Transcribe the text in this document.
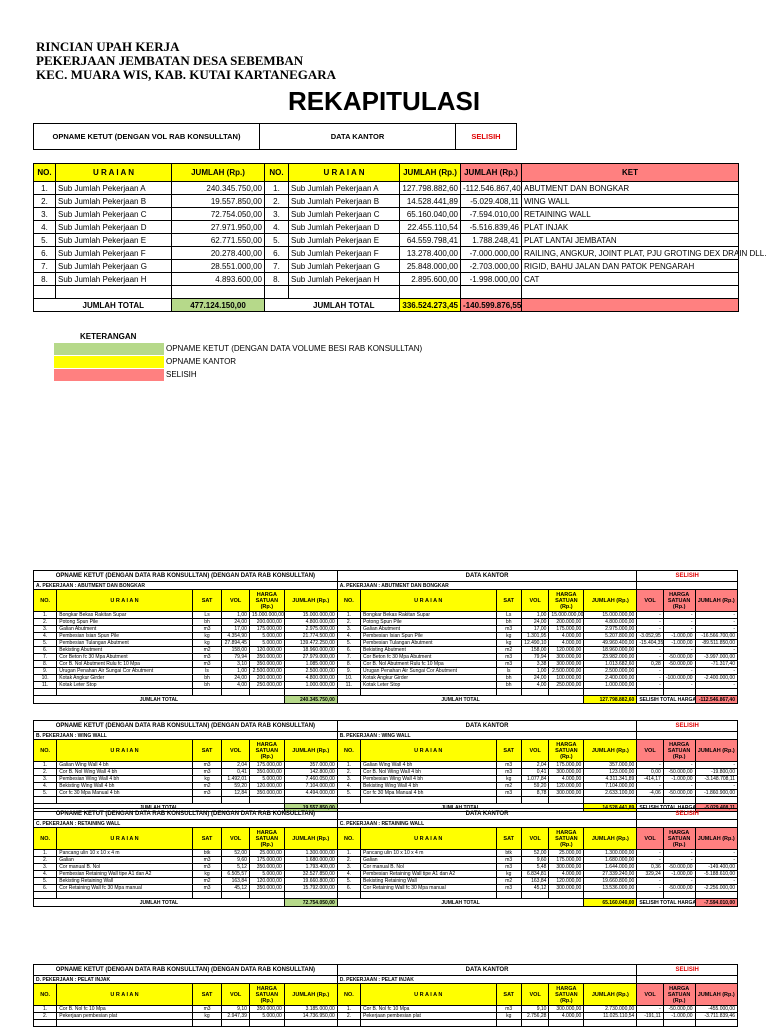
RINCIAN UPAH KERJA
PEKERJAAN JEMBATAN DESA SEBEMBAN
KEC. MUARA WIS, KAB. KUTAI KARTANEGARA
REKAPITULASI
OPNAME KETUT (DENGAN VOL RAB KONSULLTAN)	DATA KANTOR	SELISIH	
NO.	U R A I A N	JUMLAH (Rp.)	NO.	U R A I A N	JUMLAH (Rp.)	JUMLAH (Rp.)	KET
1.	Sub Jumlah Pekerjaan A	240.345.750,00	1.	Sub Jumlah Pekerjaan A	127.798.882,60	-112.546.867,40	ABUTMENT DAN BONGKAR
2.	Sub Jumlah Pekerjaan B	19.557.850,00	2.	Sub Jumlah Pekerjaan B	14.528.441,89	-5.029.408,11	WING WALL
3.	Sub Jumlah Pekerjaan C	72.754.050,00	3.	Sub Jumlah Pekerjaan C	65.160.040,00	-7.594.010,00	RETAINING WALL
4.	Sub Jumlah Pekerjaan D	27.971.950,00	4.	Sub Jumlah Pekerjaan D	22.455.110,54	-5.516.839,46	PLAT INJAK
5.	Sub Jumlah Pekerjaan E	62.771.550,00	5.	Sub Jumlah Pekerjaan E	64.559.798,41	1.788.248,41	PLAT LANTAI JEMBATAN
6.	Sub Jumlah Pekerjaan F	20.278.400,00	6.	Sub Jumlah Pekerjaan F	13.278.400,00	-7.000.000,00	RAILING, ANGKUR, JOINT PLAT, PJU GROTING DEX DRAIN DLL.
7.	Sub Jumlah Pekerjaan G	28.551.000,00	7.	Sub Jumlah Pekerjaan G	25.848.000,00	-2.703.000,00	RIGID, BAHU JALAN DAN PATOK PENGARAH
8.	Sub Jumlah Pekerjaan H	4.893.600,00	8.	Sub Jumlah Pekerjaan H	2.895.600,00	-1.998.000,00	CAT

	JUMLAH TOTAL	477.124.150,00		JUMLAH TOTAL	336.524.273,45	-140.599.876,55	
KETERANGAN
OPNAME KETUT (DENGAN DATA VOLUME BESI RAB KONSULLTAN)
OPNAME KANTOR
SELISIH
OPNAME KETUT (DENGAN DATA RAB KONSULLTAN) (DENGAN DATA RAB KONSULLTAN)						DATA KANTOR						SELISIH		
A. PEKERJAAN : ABUTMENT DAN BONGKAR						A. PEKERJAAN : ABUTMENT DAN BONGKAR								
NO.	U R A I A N	SAT	VOL	HARGA SATUAN (Rp.)	JUMLAH (Rp.)	NO.	U R A I A N	SAT	VOL	HARGA SATUAN (Rp.)	JUMLAH (Rp.)	VOL	HARGA SATUAN (Rp.)	JUMLAH (Rp.)
1.	Bongkar Bekas Rakitan Supar	Ls	1,00	15.000.000,00	15.000.000,00	1.	Bongkar Bekas Rakitan Supar	Ls	1,00	15.000.000,00	15.000.000,00	-	-	-
2.	Potong Spun Pile	bh	24,00	200.000,00	4.800.000,00	2.	Potong Spun Pile	bh	24,00	200.000,00	4.800.000,00	-	-	-
3.	Galian Abutment	m3	17,00	175.000,00	2.975.000,00	3.	Galian Abutment	m3	17,00	175.000,00	2.975.000,00	-	-	-
4.	Pembesian Isian Spun Pile	kg	4.354,90	5.000,00	21.774.500,00	4.	Pembesian Isian Spun Pile	kg	1.301,95	4.000,00	5.207.800,00	-3.052,95	-1.000,00	-16.566.700,00
5.	Pembesian Tulangan Abutment	kg	27.894,45	5.000,00	139.472.250,00	5.	Pembesian Tulangan Abutment	kg	12.490,10	4.000,00	49.960.400,00	-15.404,35	-1.000,00	-89.511.850,00
6.	Bekisting Abutment	m2	158,00	120.000,00	18.960.000,00	6.	Bekisting Abutment	m2	158,00	120.000,00	18.960.000,00	-	-	-
7.	Cor Beton fc 30 Mpa Abutment	m3	79,94	350.000,00	27.979.000,00	7.	Cor Beton fc 30 Mpa Abutment	m3	79,94	300.000,00	23.982.000,00	-	-50.000,00	-3.997.000,00
8.	Cor B. Nol Abutment Rulu fc 10 Mpa	m3	3,10	350.000,00	1.085.000,00	8.	Cor B. Nol Abutment Rulu fc 10 Mpa	m3	3,38	300.000,00	1.013.682,60	0,28	-50.000,00	-71.317,40
9.	Urugan Penahan Air Sungai Cor Abutment	ls	1,00	2.500.000,00	2.500.000,00	9.	Urugan Penahan Air Sungai Cor Abutment	ls	1,00	2.500.000,00	2.500.000,00	-	-	-
10.	Kotak Angkur Girder	bh	24,00	200.000,00	4.800.000,00	10.	Kotak Angkur Girder	bh	24,00	100.000,00	2.400.000,00	-	-100.000,00	-2.400.000,00
11.	Kotak Leter Stop	bh	4,00	250.000,00	1.000.000,00	11.	Kotak Leter Stop	bh	4,00	250.000,00	1.000.000,00	-	-	-

JUMLAH TOTAL					240.345.750,00	JUMLAH TOTAL					127.798.882,60	SELISIH TOTAL HARGA		-112.546.867,40
OPNAME KETUT (DENGAN DATA RAB KONSULLTAN) (DENGAN DATA RAB KONSULLTAN)						DATA KANTOR						SELISIH		
B. PEKERJAAN : WING WALL						B. PEKERJAAN : WING WALL								
NO.	U R A I A N	SAT	VOL	HARGA SATUAN (Rp.)	JUMLAH (Rp.)	NO.	U R A I A N	SAT	VOL	HARGA SATUAN (Rp.)	JUMLAH (Rp.)	VOL	HARGA SATUAN (Rp.)	JUMLAH (Rp.)
1.	Galian Wing Wall 4 bh	m3	2,04	175.000,00	357.000,00	1.	Galian Wing Wall 4 bh	m3	2,04	175.000,00	357.000,00	-	-	-
2.	Cor B. Nol Wing Wall 4 bh	m3	0,41	350.000,00	142.800,00	2.	Cor B. Nol Wing Wall 4 bh	m3	0,41	300.000,00	123.000,00	0,00	-50.000,00	-19.800,00
3.	Pembesian Wing Wall 4 bh	kg	1.492,01	5.000,00	7.460.050,00	3.	Pembesian Wing Wall 4 bh	kg	1.077,84	4.000,00	4.311.341,89	-414,17	-1.000,00	-3.148.708,11
4.	Bekisting Wing Wall 4 bh	m2	59,20	120.000,00	7.104.000,00	4.	Bekisting Wing Wall 4 bh	m2	59,20	120.000,00	7.104.000,00	-	-	-
5.	Cor fc 30 Mpa Manual 4 bh	m3	12,84	350.000,00	4.494.000,00	5.	Cor fc 30 Mpa Manual 4 bh	m3	8,78	300.000,00	2.633.100,00	-4,06	-50.000,00	-1.860.900,00

JUMLAH TOTAL					19.557.850,00	JUMLAH TOTAL					14.528.441,89	SELISIH TOTAL HARGA		-5.029.408,11
OPNAME KETUT (DENGAN DATA RAB KONSULLTAN) (DENGAN DATA RAB KONSULLTAN)						DATA KANTOR						SELISIH		
C. PEKERJAAN : RETAINING WALL						C. PEKERJAAN : RETAINING WALL								
NO.	U R A I A N	SAT	VOL	HARGA SATUAN (Rp.)	JUMLAH (Rp.)	NO.	U R A I A N	SAT	VOL	HARGA SATUAN (Rp.)	JUMLAH (Rp.)	VOL	HARGA SATUAN (Rp.)	JUMLAH (Rp.)
1.	Pancang ulin 10 x 10 x 4 m	btk	52,00	25.000,00	1.300.000,00	1.	Pancang ulin 10 x 10 x 4 m	btk	52,00	25.000,00	1.300.000,00	-	-	-
2.	Galian	m3	9,60	175.000,00	1.680.000,00	2.	Galian	m3	9,60	175.000,00	1.680.000,00	-	-	-
3.	Cor manual B. Nol	m3	5,12	350.000,00	1.793.400,00	3.	Cor manual B. Nol	m3	5,48	300.000,00	1.644.000,00	0,36	-50.000,00	-149.400,00
4.	Pembesian Retaining Wall tipe A1 dan A2	kg	6.505,57	5.000,00	32.527.850,00	4.	Pembesian Retaining Wall tipe A1 dan A2	kg	6.834,81	4.000,00	27.339.240,00	329,24	-1.000,00	-5.188.610,00
5.	Bekisting Retaining Wall	m2	163,84	120.000,00	19.660.800,00	5.	Bekisting Retaining Wall	m2	163,84	120.000,00	19.660.800,00	-	-	-
6.	Cor Retaining Wall fc 30 Mpa manual	m3	45,12	350.000,00	15.792.000,00	6.	Cor Retaining Wall fc 30 Mpa manual	m3	45,12	300.000,00	13.536.000,00	-	-50.000,00	-2.256.000,00

JUMLAH TOTAL					72.754.050,00	JUMLAH TOTAL					65.160.040,00	SELISIH TOTAL HARGA		-7.594.010,00
OPNAME KETUT (DENGAN DATA RAB KONSULLTAN) (DENGAN DATA RAB KONSULLTAN)						DATA KANTOR						SELISIH		
D. PEKERJAAN : PELAT INJAK						D. PEKERJAAN : PELAT INJAK								
NO.	U R A I A N	SAT	VOL	HARGA SATUAN (Rp.)	JUMLAH (Rp.)	NO.	U R A I A N	SAT	VOL	HARGA SATUAN (Rp.)	JUMLAH (Rp.)	VOL	HARGA SATUAN (Rp.)	JUMLAH (Rp.)
1.	Cor B. Nol fc 10 Mpa	m3	9,10	350.000,00	3.185.000,00	1.	Cor B. Nol fc 10 Mpa	m3	9,10	300.000,00	2.730.000,00	-	-50.000,00	-455.000,00
2.	Pekerjaan pembesian plat	kg	2.947,39	5.000,00	14.736.950,00	2.	Pekerjaan pembesian plat	kg	2.756,28	4.000,00	11.025.110,54	-191,11	-1.000,00	-3.711.839,46
